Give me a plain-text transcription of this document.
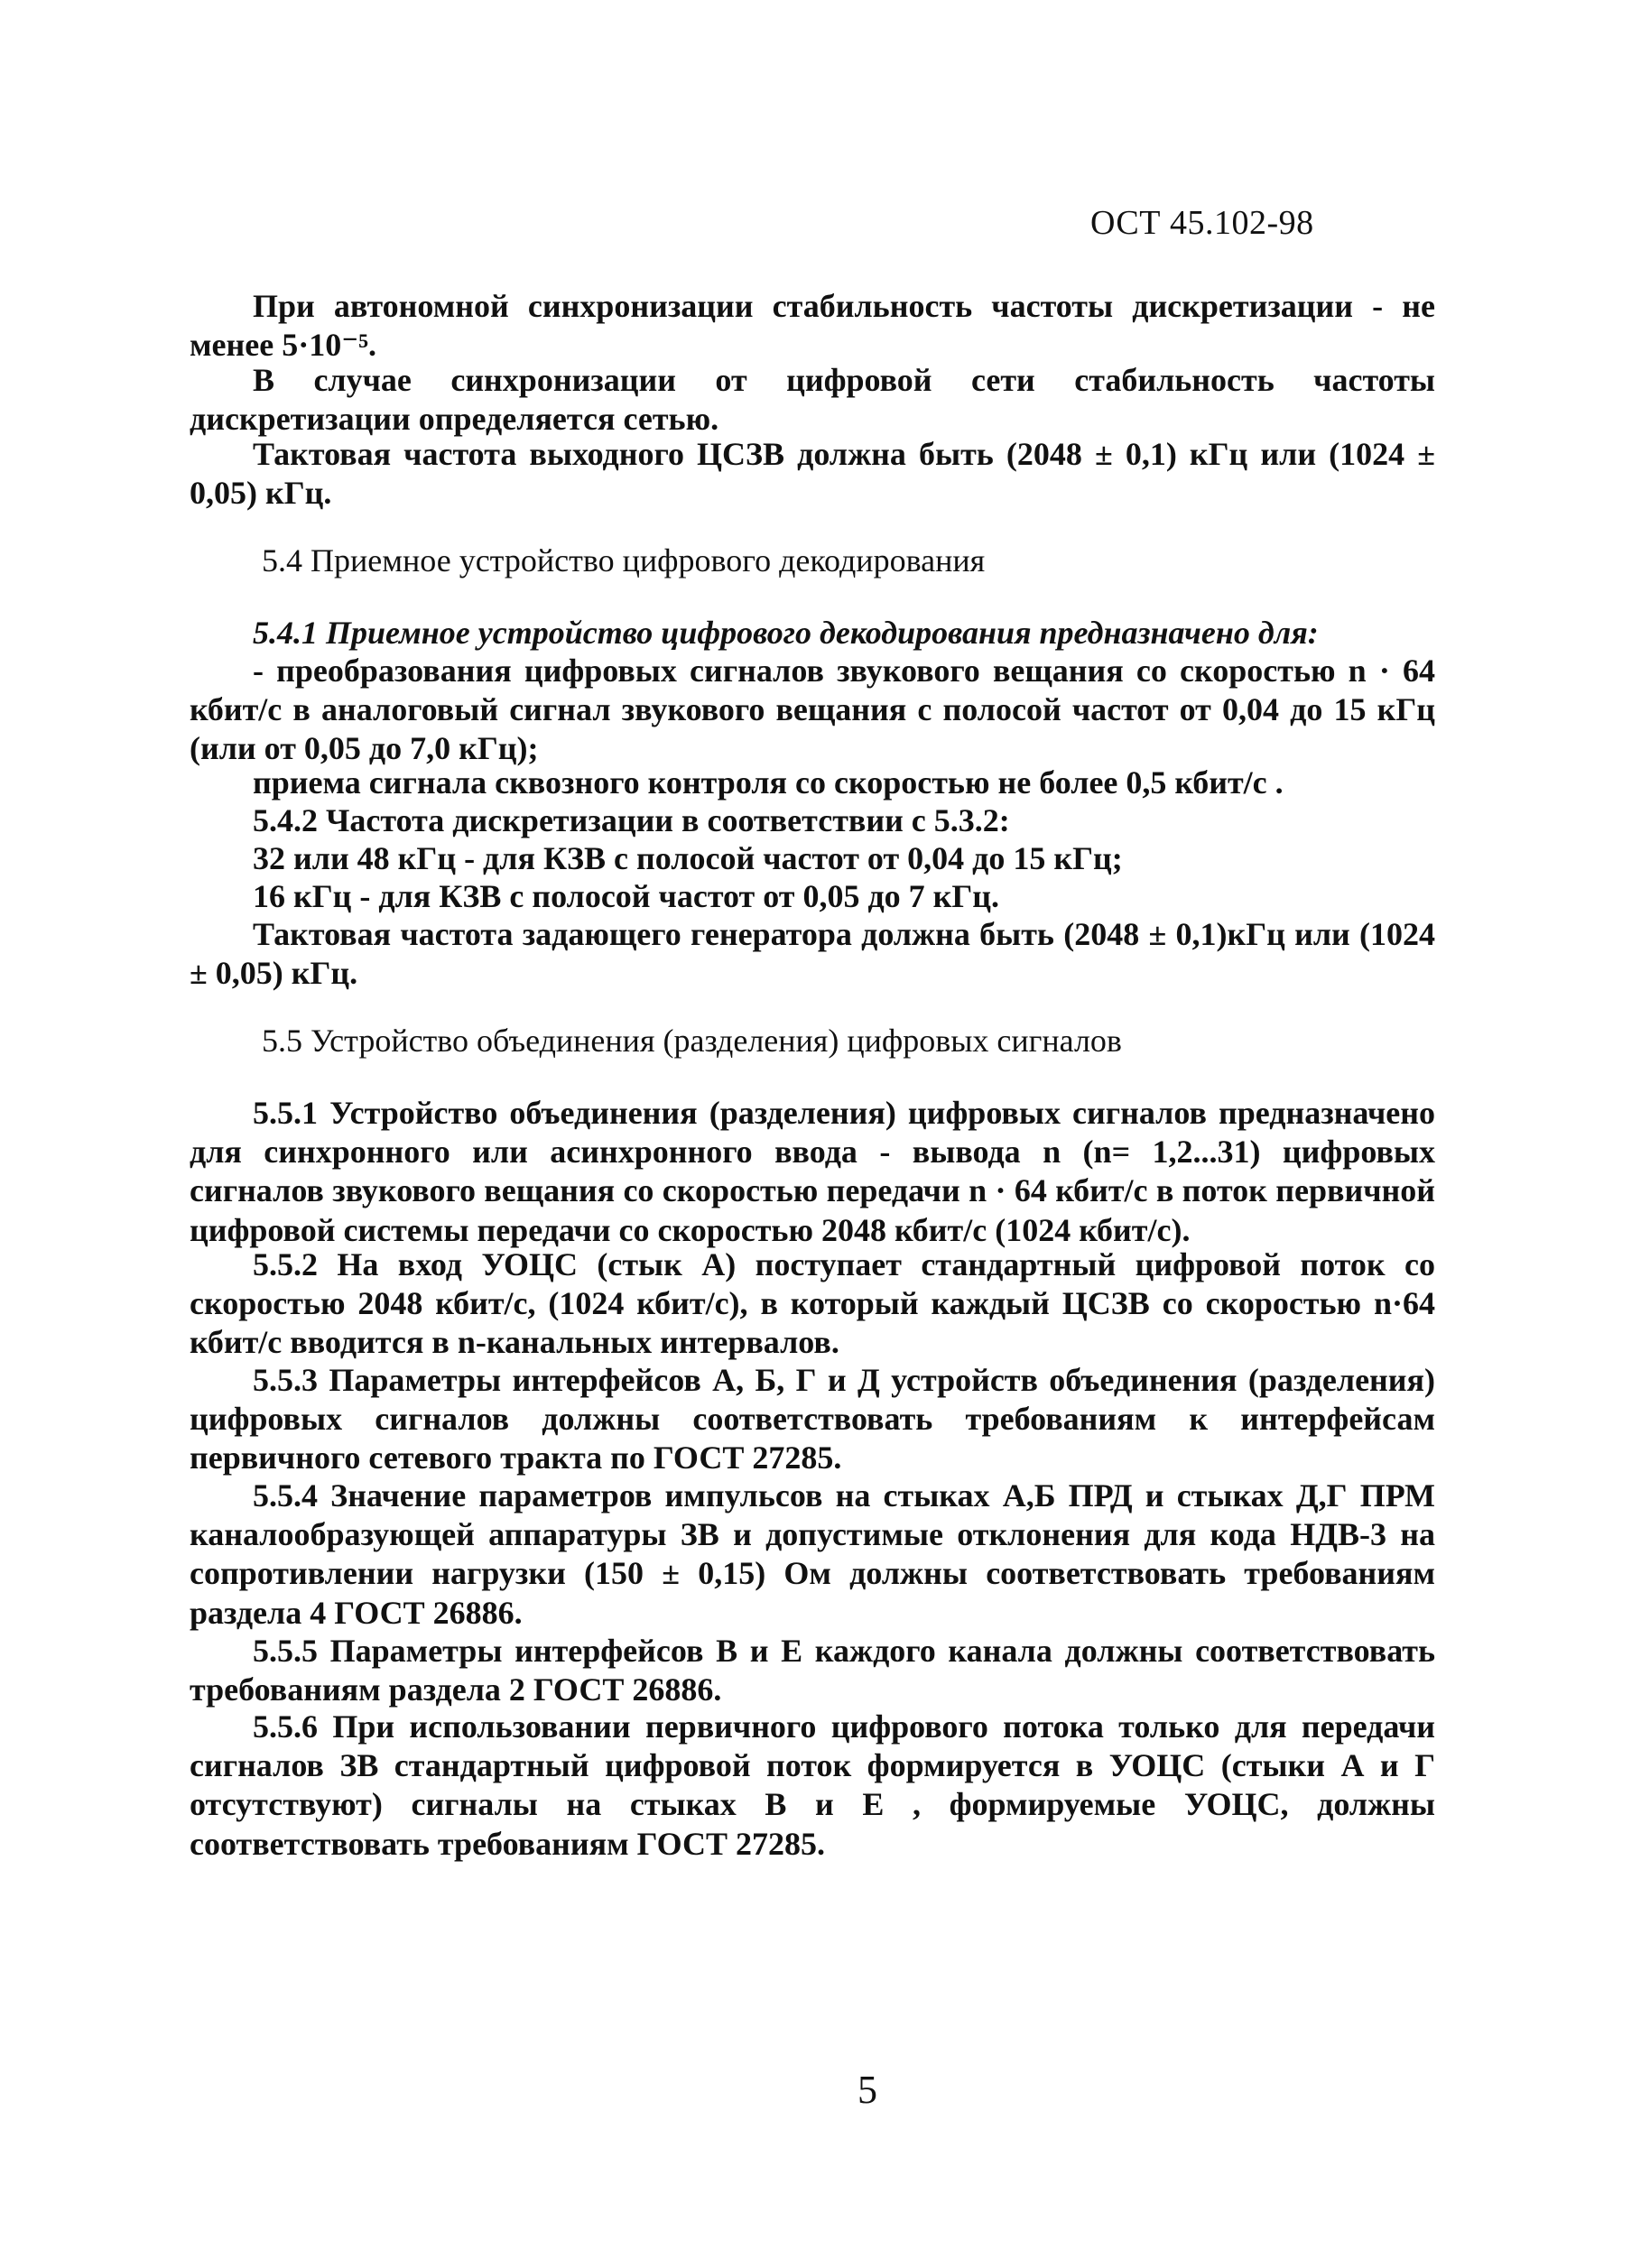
ОСТ 45.102-98

При автономной синхронизации стабильность частоты дискретизации - не менее 5·10⁻⁵.

В случае синхронизации от цифровой сети стабильность частоты дискретизации определяется сетью.

Тактовая частота выходного ЦСЗВ должна быть (2048 ± 0,1) кГц или (1024 ± 0,05) кГц.

5.4 Приемное устройство цифрового декодирования

5.4.1 Приемное устройство цифрового декодирования предназначено для:

- преобразования цифровых сигналов звукового вещания со скоростью n · 64 кбит/с в аналоговый сигнал звукового вещания с полосой частот от 0,04 до 15 кГц (или от 0,05 до 7,0 кГц);

приема сигнала сквозного контроля со скоростью не более 0,5 кбит/с .

5.4.2 Частота дискретизации в соответствии с 5.3.2:

32 или 48 кГц - для КЗВ с полосой частот от 0,04 до 15 кГц;

16 кГц - для КЗВ с полосой частот от 0,05 до 7 кГц.

Тактовая частота задающего генератора должна быть (2048 ± 0,1)кГц или (1024 ± 0,05) кГц.

5.5 Устройство объединения (разделения) цифровых сигналов

5.5.1 Устройство объединения (разделения) цифровых сигналов предназначено для синхронного или асинхронного ввода - вывода n (n= 1,2...31) цифровых сигналов звукового вещания со скоростью передачи n · 64 кбит/с в поток первичной цифровой системы передачи со скоростью 2048 кбит/с (1024 кбит/с).

5.5.2 На вход УОЦС (стык А) поступает стандартный цифровой поток со скоростью 2048 кбит/с, (1024 кбит/с), в который каждый ЦСЗВ со скоростью n·64 кбит/с вводится в n-канальных интервалов.

5.5.3 Параметры интерфейсов А, Б, Г и Д устройств объединения (разделения) цифровых сигналов должны соответствовать требованиям к интерфейсам первичного сетевого тракта по ГОСТ 27285.

5.5.4 Значение параметров импульсов на стыках А,Б ПРД и стыках Д,Г ПРМ каналообразующей аппаратуры ЗВ и допустимые отклонения для кода НДВ-3 на сопротивлении нагрузки (150 ± 0,15) Ом должны соответствовать требованиям раздела 4 ГОСТ 26886.

5.5.5 Параметры интерфейсов В и Е каждого канала должны соответствовать требованиям раздела 2 ГОСТ 26886.

5.5.6 При использовании первичного цифрового потока только для передачи сигналов ЗВ стандартный цифровой поток формируется в УОЦС (стыки А и Г отсутствуют) сигналы на стыках В и Е , формируемые УОЦС, должны соответствовать требованиям ГОСТ 27285.

5
